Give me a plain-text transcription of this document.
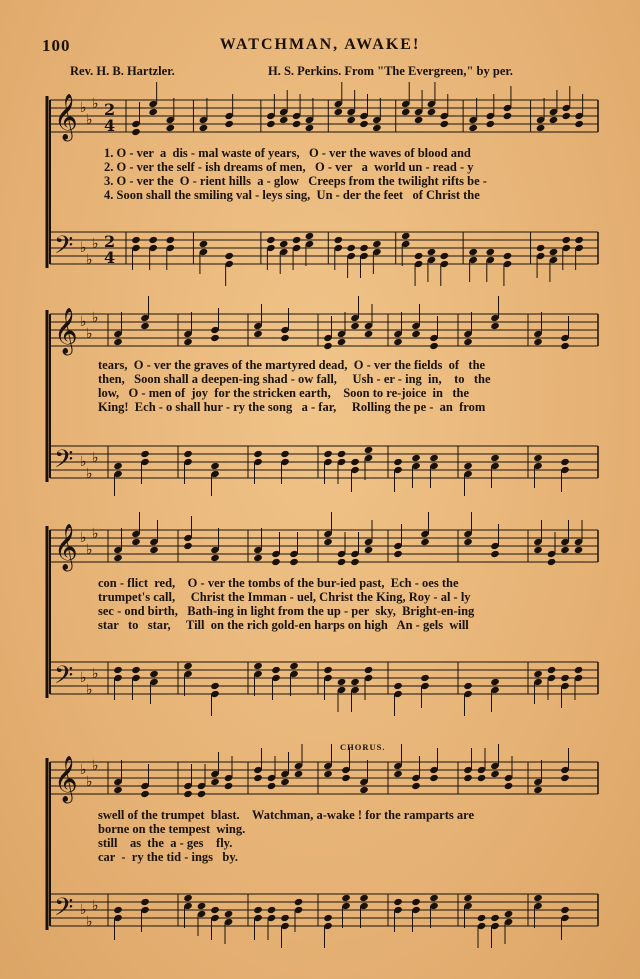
100	WATCHMAN, AWAKE!
Rev. H. B. Hartzler.	H. S. Perkins. From "The Evergreen," by per.
𝄞
𝄢
♭
♭
♭
♭
♭
♭
2
4
2
4
1. O - ver  a  dis - mal waste of years,   O - ver the waves of blood and
2. O - ver the self - ish dreams of men,   O - ver   a  world un - read - y
3. O - ver the  O - rient hills  a - glow   Creeps from the twilight rifts be -
4. Soon shall the smiling val - leys sing,  Un - der the feet   of Christ the
𝄞
𝄢
♭
♭
♭
♭
♭
♭
tears,  O - ver the graves of the martyred dead,  O - ver the fields  of   the
then,   Soon shall a deepen-ing shad - ow fall,     Ush - er - ing  in,    to   the
low,   O - men of  joy  for the stricken earth,    Soon to re-joice  in   the
King!  Ech - o shall hur - ry the song   a - far,     Rolling the pe -  an  from
𝄞
𝄢
♭
♭
♭
♭
♭
♭
con - flict  red,    O - ver the tombs of the bur-ied past,  Ech - oes the
trumpet's call,     Christ the Imman - uel, Christ the King, Roy - al - ly
sec - ond birth,   Bath-ing in light from the up - per  sky,  Bright-en-ing
star   to   star,     Till  on the rich gold-en harps on high   An - gels  will
CHORUS.
𝄞
𝄢
♭
♭
♭
♭
♭
♭
swell of the trumpet  blast.    Watchman, a-wake ! for the ramparts are
borne on the tempest  wing.
still    as  the  a - ges    fly.
car  -  ry the tid - ings   by.
